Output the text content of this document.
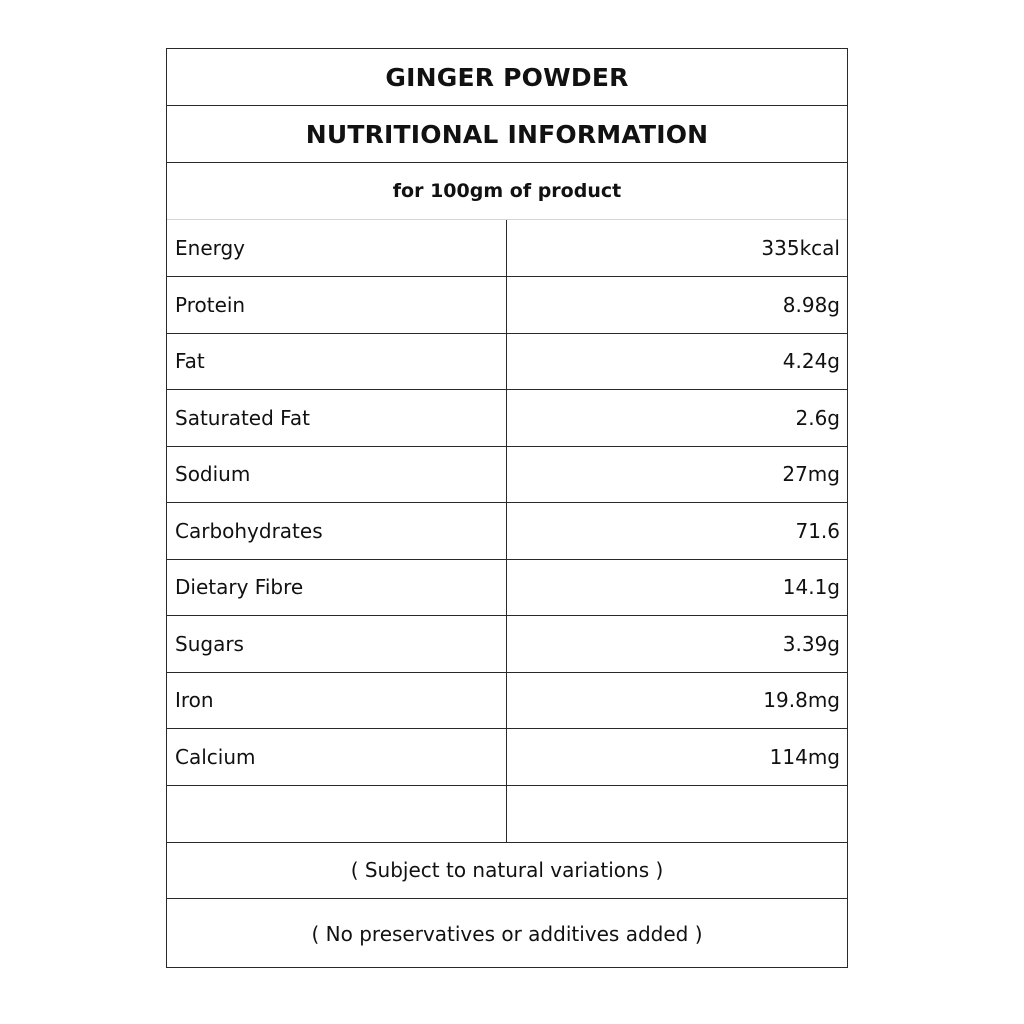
GINGER POWDER
NUTRITIONAL INFORMATION
for 100gm of product
Energy	335kcal
Protein	8.98g
Fat	4.24g
Saturated Fat	2.6g
Sodium	27mg
Carbohydrates	71.6
Dietary Fibre	14.1g
Sugars	3.39g
Iron	19.8mg
Calcium	114mg
( Subject to natural variations )
( No preservatives or additives added )
